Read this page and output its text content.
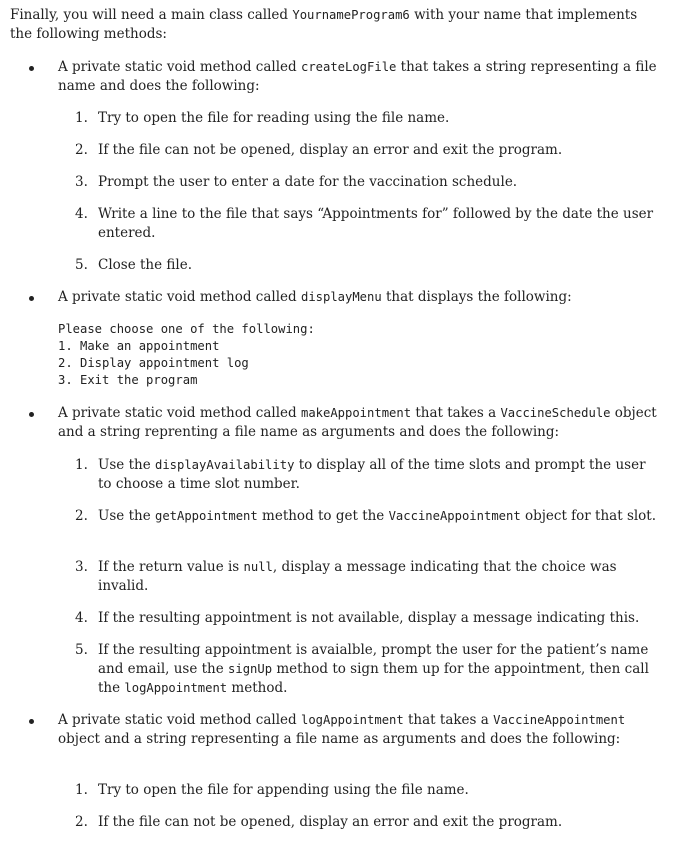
Finally, you will need a main class called YournameProgram6 with your name that implements the following methods:
A private static void method called createLogFile that takes a string representing a file name and does the following:
1. Try to open the file for reading using the file name.
2. If the file can not be opened, display an error and exit the program.
3. Prompt the user to enter a date for the vaccination schedule.
4. Write a line to the file that says “Appointments for” followed by the date the user entered.
5. Close the file.
A private static void method called displayMenu that displays the following:
Please choose one of the following:
1. Make an appointment
2. Display appointment log
3. Exit the program
A private static void method called makeAppointment that takes a VaccineSchedule object and a string reprenting a file name as arguments and does the following:
1. Use the displayAvailability to display all of the time slots and prompt the user to choose a time slot number.
2. Use the getAppointment method to get the VaccineAppointment object for that slot.
3. If the return value is null, display a message indicating that the choice was invalid.
4. If the resulting appointment is not available, display a message indicating this.
5. If the resulting appointment is avaialble, prompt the user for the patient’s name and email, use the signUp method to sign them up for the appointment, then call the logAppointment method.
A private static void method called logAppointment that takes a VaccineAppointment object and a string representing a file name as arguments and does the following:
1. Try to open the file for appending using the file name.
2. If the file can not be opened, display an error and exit the program.
